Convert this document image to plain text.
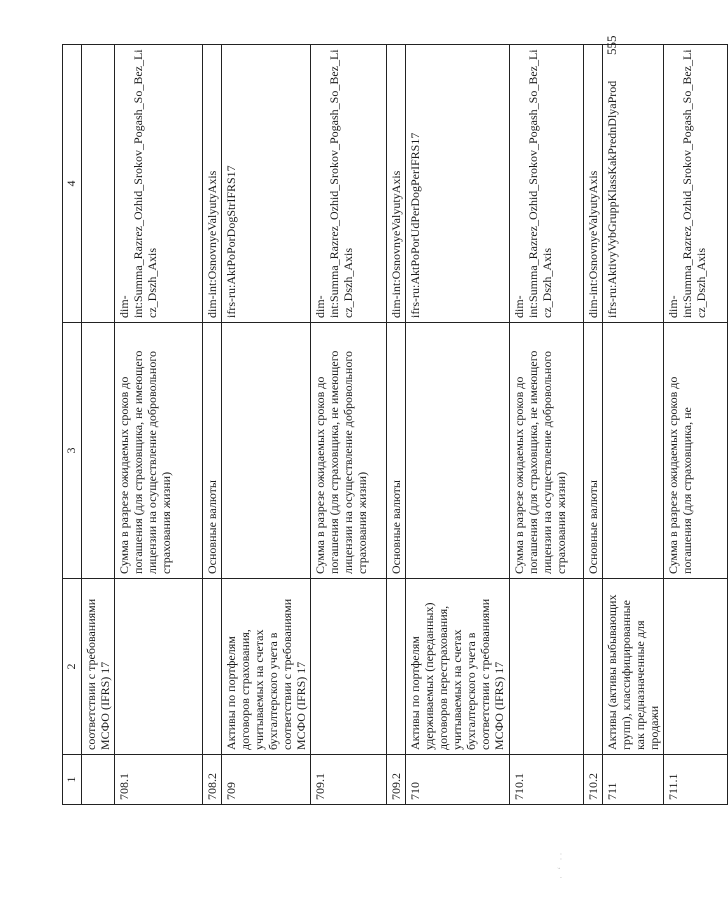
1	2	3	4
	соответствии с требованиями МСФО (IFRS) 17		
708.1		Сумма в разрезе ожидаемых сроков до погашения (для страховщика, не имеющего лицензии на осуществление добровольного страхования жизни)	dim-int:Summa_Razrez_Ozhid_Srokov_Pogash_So_Bez_Licz_Dszh_Axis
708.2		Основные валюты	dim-int:OsnovnyeValyutyAxis
709	Активы по портфелям договоров страхования, учитываемых на счетах бухгалтерского учета в соответствии с требованиями МСФО (IFRS) 17		ifrs-ru:AktPoPorDogStrIFRS17
709.1		Сумма в разрезе ожидаемых сроков до погашения (для страховщика, не имеющего лицензии на осуществление добровольного страхования жизни)	dim-int:Summa_Razrez_Ozhid_Srokov_Pogash_So_Bez_Licz_Dszh_Axis
709.2		Основные валюты	dim-int:OsnovnyeValyutyAxis
710	Активы по портфелям удерживаемых (переданных) договоров перестрахования, учитываемых на счетах бухгалтерского учета в соответствии с требованиями МСФО (IFRS) 17		ifrs-ru:AktPoPorUdPerDogPerIFRS17
710.1		Сумма в разрезе ожидаемых сроков до погашения (для страховщика, не имеющего лицензии на осуществление добровольного страхования жизни)	dim-int:Summa_Razrez_Ozhid_Srokov_Pogash_So_Bez_Licz_Dszh_Axis
710.2		Основные валюты	dim-int:OsnovnyeValyutyAxis
711	Активы (активы выбывающих групп), классифицированные как предназначенные для продажи		ifrs-ru:AktivyVybGruppKlassKakPrednDlyaProd
711.1		Сумма в разрезе ожидаемых сроков до погашения (для страховщика, не	dim-int:Summa_Razrez_Ozhid_Srokov_Pogash_So_Bez_Licz_Dszh_Axis
555
· ‘ ··
